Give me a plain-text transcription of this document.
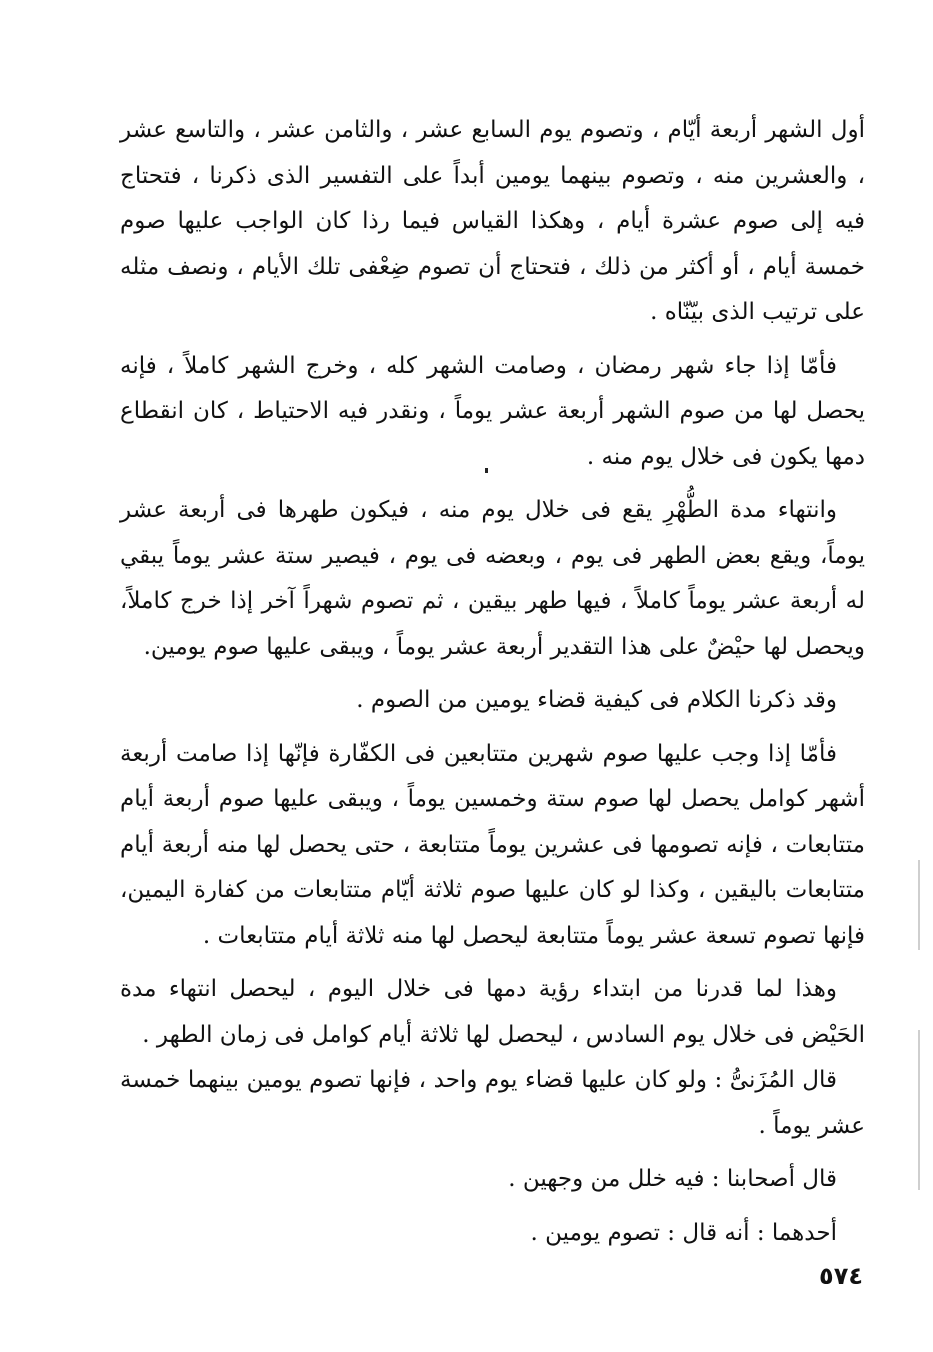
أول الشهر أربعة أيّام ، وتصوم يوم السابع عشر ، والثامن عشر ، والتاسع عشر ، والعشرين منه ، وتصوم بينهما يومين أبداً على التفسير الذى ذكرنا ، فتحتاج فيه إلى صوم عشرة أيام ، وهكذا القياس فيما رذا كان الواجب عليها صوم خمسة أيام ، أو أكثر من ذلك ، فتحتاج أن تصوم ضِعْفى تلك الأيام ، ونصف مثله على ترتيب الذى بيّنّاه .

فأمّا إذا جاء شهر رمضان ، وصامت الشهر كله ، وخرج الشهر كاملاً ، فإنه يحصل لها من صوم الشهر أربعة عشر يوماً ، ونقدر فيه الاحتياط ، كان انقطاع دمها يكون فى خلال يوم منه .

وانتهاء مدة الطُّهْرِ يقع فى خلال يوم منه ، فيكون طهرها فى أربعة عشر يوماً، ويقع بعض الطهر فى يوم ، وبعضه فى يوم ، فيصير ستة عشر يوماً يبقي له أربعة عشر يوماً كاملاً ، فيها طهر بيقين ، ثم تصوم شهراً آخر إذا خرج كاملاً، ويحصل لها حيْضٌ على هذا التقدير أربعة عشر يوماً ، ويبقى عليها صوم يومين.

وقد ذكرنا الكلام فى كيفية قضاء يومين من الصوم .

فأمّا إذا وجب عليها صوم شهرين متتابعين فى الكفّارة فإنّها إذا صامت أربعة أشهر كوامل يحصل لها صوم ستة وخمسين يوماً ، ويبقى عليها صوم أربعة أيام متتابعات ، فإنه تصومها فى عشرين يوماً متتابعة ، حتى يحصل لها منه أربعة أيام متتابعات باليقين ، وكذا لو كان عليها صوم ثلاثة أيّام متتابعات من كفارة اليمين، فإنها تصوم تسعة عشر يوماً متتابعة ليحصل لها منه ثلاثة أيام متتابعات .

وهذا لما قدرنا من ابتداء رؤية دمها فى خلال اليوم ، ليحصل انتهاء مدة الحَيْض فى خلال يوم السادس ، ليحصل لها ثلاثة أيام كوامل فى زمان الطهر .

قال المُزَنىُّ : ولو كان عليها قضاء يوم واحد ، فإنها تصوم يومين بينهما خمسة عشر يوماً .

قال أصحابنا : فيه خلل من وجهين .

أحدهما : أنه قال : تصوم يومين .

٥٧٤
